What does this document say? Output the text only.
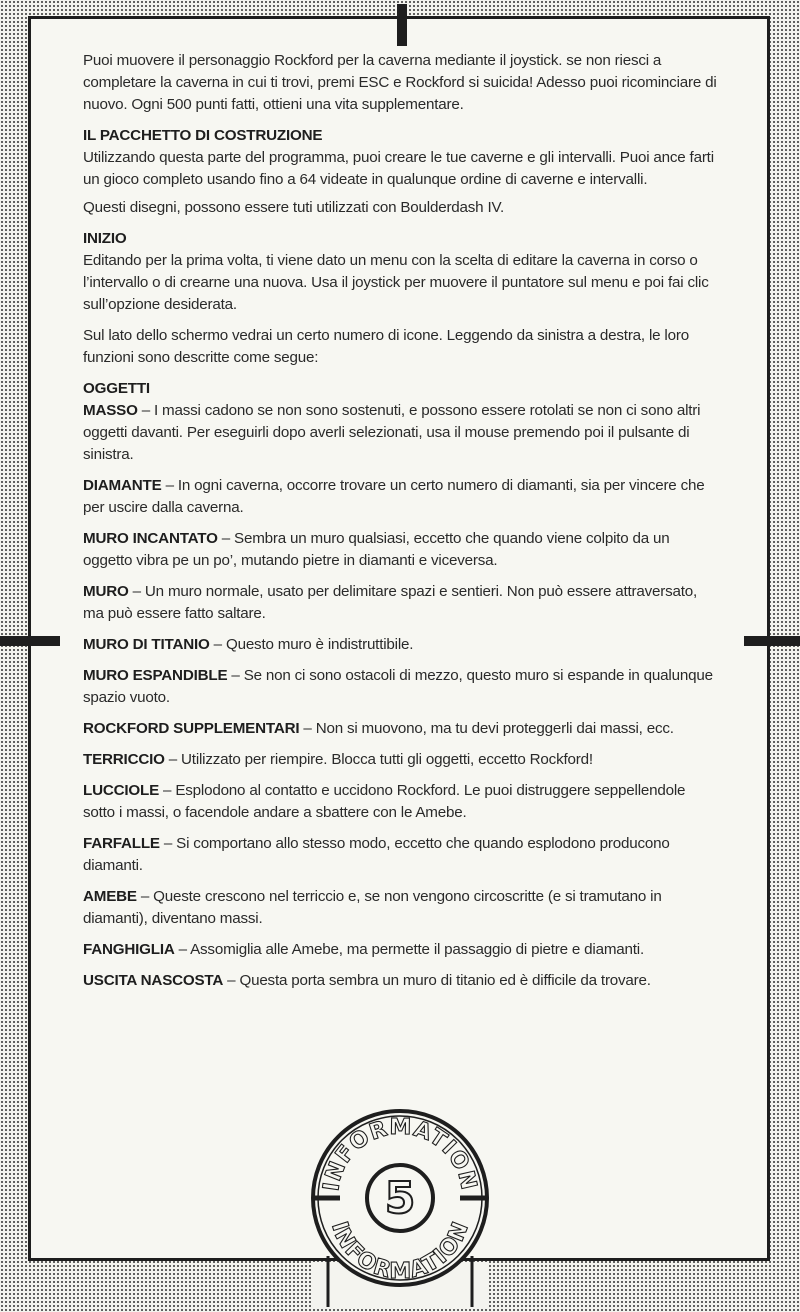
Puoi muovere il personaggio Rockford per la caverna mediante il joystick. se non riesci a completare la caverna in cui ti trovi, premi ESC e Rockford si suicida! Adesso puoi ricominciare di nuovo. Ogni 500 punti fatti, ottieni una vita supplementare.

IL PACCHETTO DI COSTRUZIONE

Utilizzando questa parte del programma, puoi creare le tue caverne e gli intervalli. Puoi ance farti un gioco completo usando fino a 64 videate in qualunque ordine di caverne e intervalli.

Questi disegni, possono essere tuti utilizzati con Boulderdash IV.

INIZIO

Editando per la prima volta, ti viene dato un menu con la scelta di editare la caverna in corso o l’intervallo o di crearne una nuova. Usa il joystick per muovere il puntatore sul menu e poi fai clic sull’opzione desiderata.

Sul lato dello schermo vedrai un certo numero di icone. Leggendo da sinistra a destra, le loro funzioni sono descritte come segue:

OGGETTI

MASSO – I massi cadono se non sono sostenuti, e possono essere rotolati se non ci sono altri oggetti davanti. Per eseguirli dopo averli selezionati, usa il mouse premendo poi il pulsante di sinistra.

DIAMANTE – In ogni caverna, occorre trovare un certo numero di diamanti, sia per vincere che per uscire dalla caverna.

MURO INCANTATO – Sembra un muro qualsiasi, eccetto che quando viene colpito da un oggetto vibra pe un po’, mutando pietre in diamanti e viceversa.

MURO – Un muro normale, usato per delimitare spazi e sentieri. Non può essere attraversato, ma può essere fatto saltare.

MURO DI TITANIO – Questo muro è indistruttibile.

MURO ESPANDIBLE – Se non ci sono ostacoli di mezzo, questo muro si espande in qualunque spazio vuoto.

ROCKFORD SUPPLEMENTARI – Non si muovono, ma tu devi proteggerli dai massi, ecc.

TERRICCIO – Utilizzato per riempire. Blocca tutti gli oggetti, eccetto Rockford!

LUCCIOLE – Esplodono al contatto e uccidono Rockford. Le puoi distruggere seppellendole sotto i massi, o facendole andare a sbattere con le Amebe.

FARFALLE – Si comportano allo stesso modo, eccetto che quando esplodono producono diamanti.

AMEBE – Queste crescono nel terriccio e, se non vengono circoscritte (e si tramutano in diamanti), diventano massi.

FANGHIGLIA – Assomiglia alle Amebe, ma permette il passaggio di pietre e diamanti.

USCITA NASCOSTA – Questa porta sembra un muro di titanio ed è difficile da trovare.

INFORMATION
INFORMATION
5
